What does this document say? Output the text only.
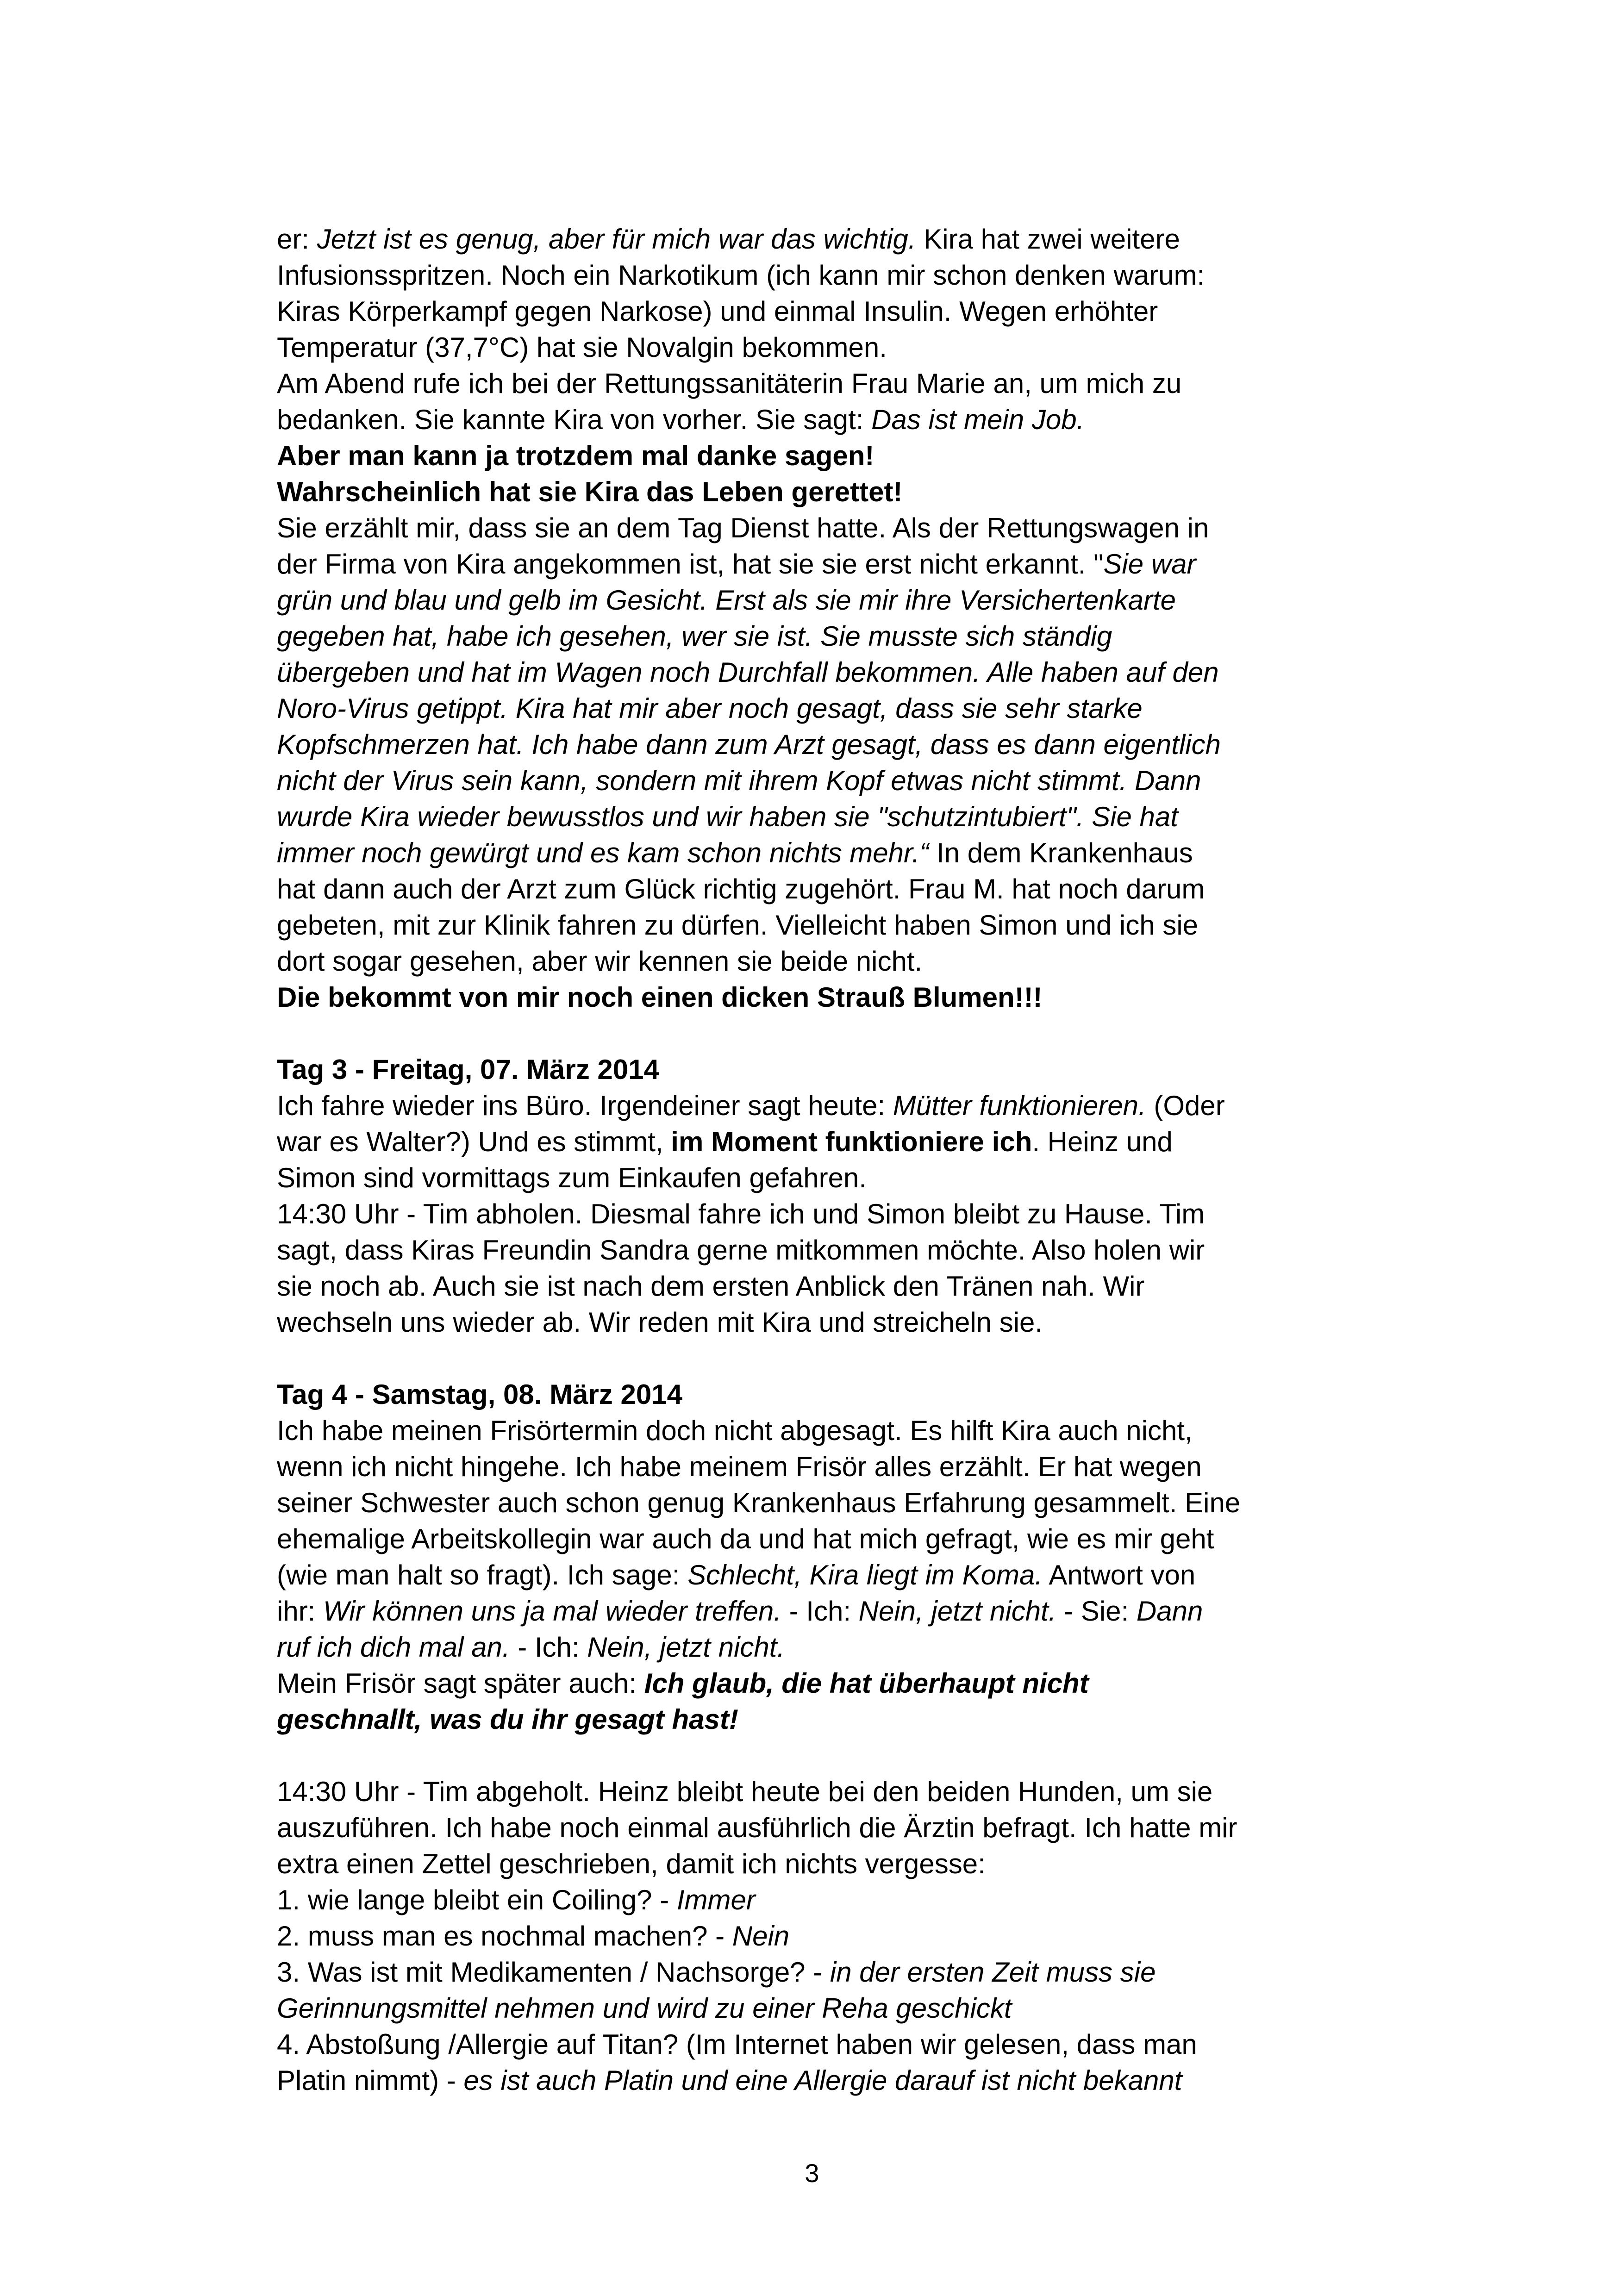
er: Jetzt ist es genug, aber für mich war das wichtig. Kira hat zwei weitere
Infusionsspritzen. Noch ein Narkotikum (ich kann mir schon denken warum:
Kiras Körperkampf gegen Narkose) und einmal Insulin. Wegen erhöhter
Temperatur (37,7°C) hat sie Novalgin bekommen.
Am Abend rufe ich bei der Rettungssanitäterin Frau Marie an, um mich zu
bedanken. Sie kannte Kira von vorher. Sie sagt: Das ist mein Job.
Aber man kann ja trotzdem mal danke sagen!
Wahrscheinlich hat sie Kira das Leben gerettet!
Sie erzählt mir, dass sie an dem Tag Dienst hatte. Als der Rettungswagen in
der Firma von Kira angekommen ist, hat sie sie erst nicht erkannt. "Sie war
grün und blau und gelb im Gesicht. Erst als sie mir ihre Versichertenkarte
gegeben hat, habe ich gesehen, wer sie ist. Sie musste sich ständig
übergeben und hat im Wagen noch Durchfall bekommen. Alle haben auf den
Noro-Virus getippt. Kira hat mir aber noch gesagt, dass sie sehr starke
Kopfschmerzen hat. Ich habe dann zum Arzt gesagt, dass es dann eigentlich
nicht der Virus sein kann, sondern mit ihrem Kopf etwas nicht stimmt. Dann
wurde Kira wieder bewusstlos und wir haben sie "schutzintubiert". Sie hat
immer noch gewürgt und es kam schon nichts mehr.“ In dem Krankenhaus
hat dann auch der Arzt zum Glück richtig zugehört. Frau M. hat noch darum
gebeten, mit zur Klinik fahren zu dürfen. Vielleicht haben Simon und ich sie
dort sogar gesehen, aber wir kennen sie beide nicht.
Die bekommt von mir noch einen dicken Strauß Blumen!!!
Tag 3 - Freitag, 07. März 2014
Ich fahre wieder ins Büro. Irgendeiner sagt heute: Mütter funktionieren. (Oder
war es Walter?) Und es stimmt, im Moment funktioniere ich. Heinz und
Simon sind vormittags zum Einkaufen gefahren.
14:30 Uhr - Tim abholen. Diesmal fahre ich und Simon bleibt zu Hause. Tim
sagt, dass Kiras Freundin Sandra gerne mitkommen möchte. Also holen wir
sie noch ab. Auch sie ist nach dem ersten Anblick den Tränen nah. Wir
wechseln uns wieder ab. Wir reden mit Kira und streicheln sie.
Tag 4 - Samstag, 08. März 2014
Ich habe meinen Frisörtermin doch nicht abgesagt. Es hilft Kira auch nicht,
wenn ich nicht hingehe. Ich habe meinem Frisör alles erzählt. Er hat wegen
seiner Schwester auch schon genug Krankenhaus Erfahrung gesammelt. Eine
ehemalige Arbeitskollegin war auch da und hat mich gefragt, wie es mir geht
(wie man halt so fragt). Ich sage: Schlecht, Kira liegt im Koma. Antwort von
ihr: Wir können uns ja mal wieder treffen. - Ich: Nein, jetzt nicht. - Sie: Dann
ruf ich dich mal an. - Ich: Nein, jetzt nicht.
Mein Frisör sagt später auch: Ich glaub, die hat überhaupt nicht
geschnallt, was du ihr gesagt hast!
14:30 Uhr - Tim abgeholt. Heinz bleibt heute bei den beiden Hunden, um sie
auszuführen. Ich habe noch einmal ausführlich die Ärztin befragt. Ich hatte mir
extra einen Zettel geschrieben, damit ich nichts vergesse:
1. wie lange bleibt ein Coiling? - Immer
2. muss man es nochmal machen? - Nein
3. Was ist mit Medikamenten / Nachsorge? - in der ersten Zeit muss sie
Gerinnungsmittel nehmen und wird zu einer Reha geschickt
4. Abstoßung /Allergie auf Titan? (Im Internet haben wir gelesen, dass man
Platin nimmt) - es ist auch Platin und eine Allergie darauf ist nicht bekannt
3
